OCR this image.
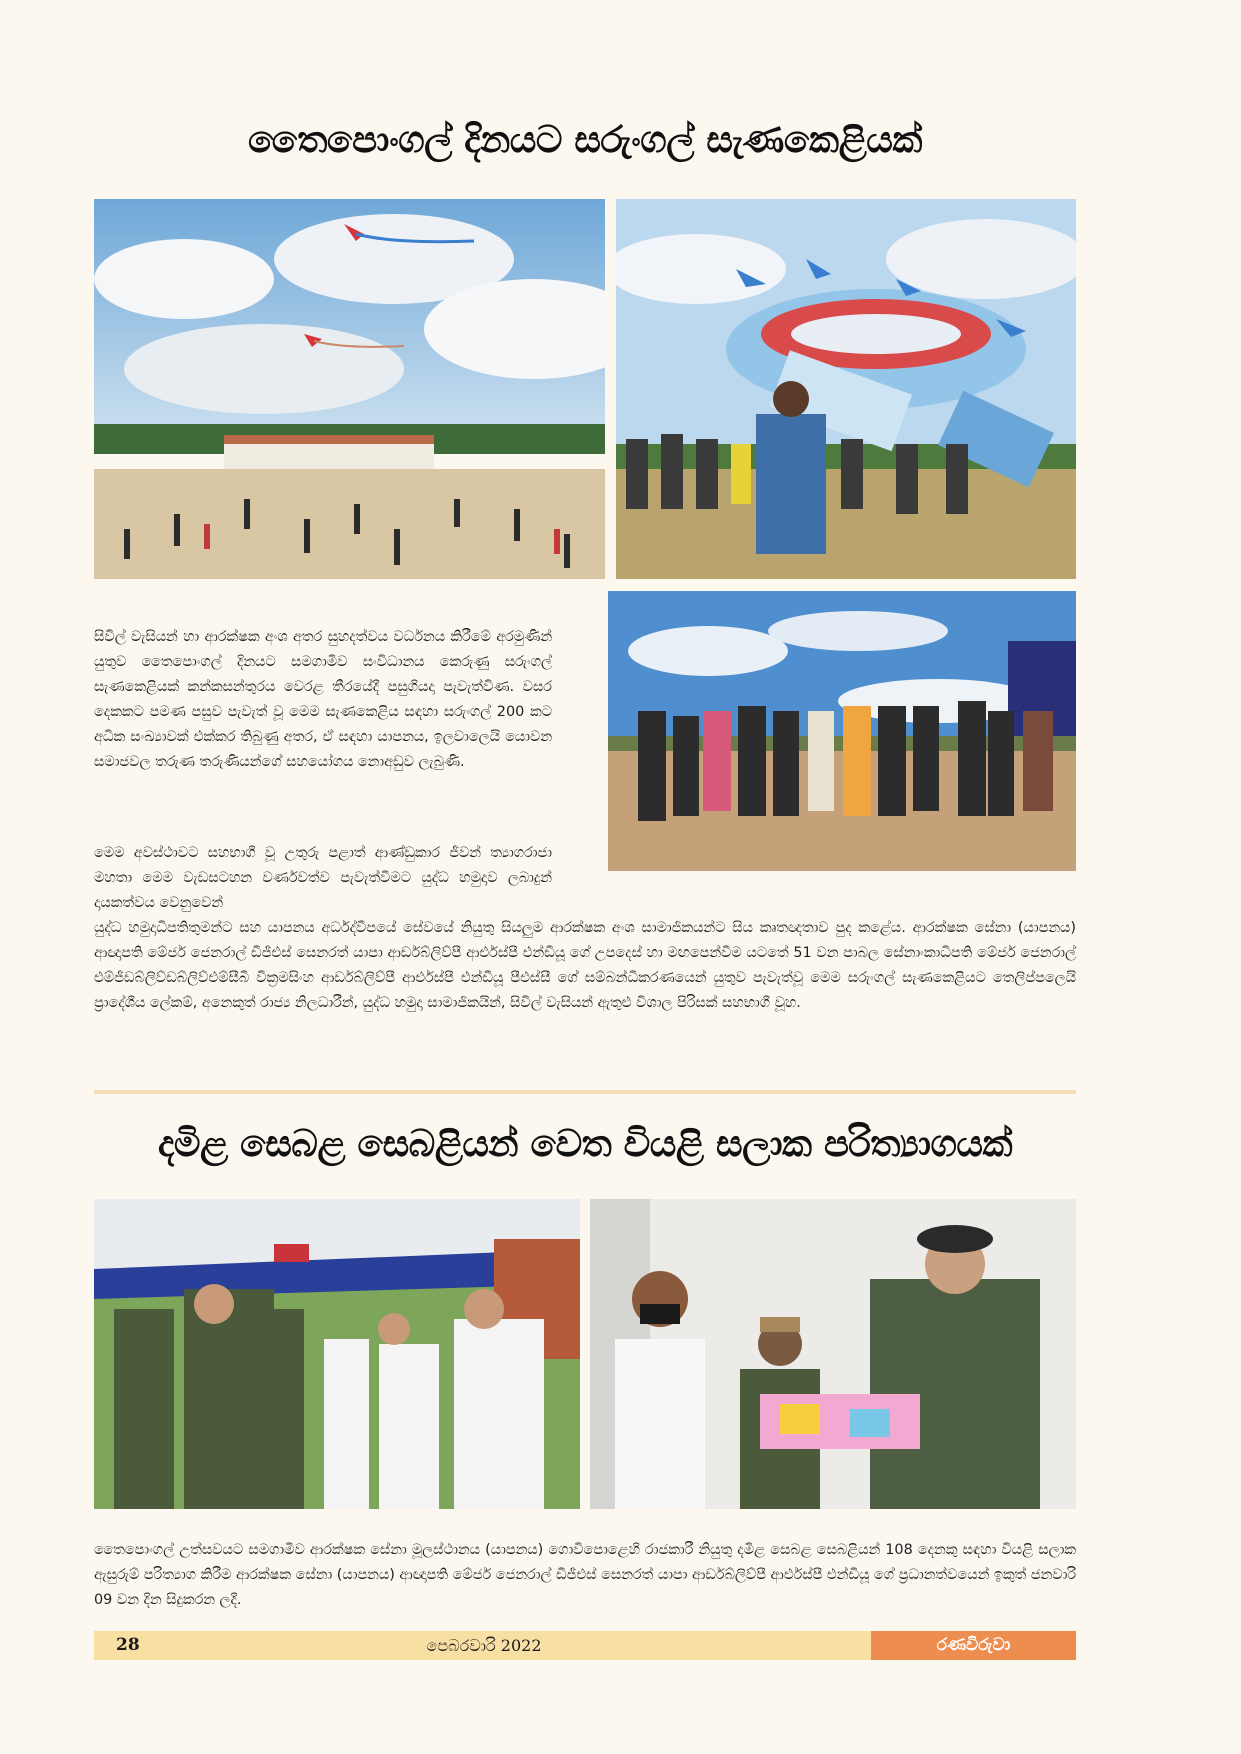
තෛපොංගල් දිනයට සරුංගල් සැණකෙළියක්
සිවිල් වැසියන් හා ආරක්ෂක අංශ අතර සුහදත්වය වර්ධනය කිරීමේ අරමුණින් යුතුව තෛපොංගල් දිනයට සමගාමීව සංවිධානය කෙරුණු සරුංගල් සැණකෙළියක් කන්කසන්තුරය වෙරළ තීරයේදී පසුගියදා පැවැත්විණ. වසර දෙකකට පමණ පසුව පැවැත් වූ මෙම සැණකෙළිය සඳහා සරුංගල් 200 කට අධික සංඛ්‍යාවක් එක්කර තිබුණු අතර, ඒ සඳහා යාපනය, ඉලවාලෙයි යොවන සමාජවල තරුණ තරුණියන්ගේ සහයෝගය නොඅඩුව ලැබුණි.
මෙම අවස්ථාවට සහභාගී වූ උතුරු පළාත් ආණ්ඩුකාර ජීවන් ත්‍යාගරාජා මහතා මෙම වැඩසටහන වර්ණවත්ව පැවැත්වීමට යුද්ධ හමුදාව ලබාදුන් දායකත්වය වෙනුවෙන්
යුද්ධ හමුදාධිපතිතුමන්ට සහ යාපනය අර්ධද්වීපයේ සේවයේ නියුතු සියලුම ආරක්ෂක අංශ සාමාජිකයන්ට සිය කෘතඥතාව පුද කළේය. ආරක්ෂක සේනා (යාපනය) ආඥාපති මේජර් ජෙනරාල් ඩීජීඑස් සෙනරත් යාපා ආර්ඩබ්ලිව්පී ආර්එස්පී එන්ඩීයූ ගේ උපදෙස් හා මඟපෙන්වීම යටතේ 51 වන පාබල සේනාංකාධිපති මේජර් ජෙනරාල් එම්ජීඩබ්ලිව්ඩබ්ලිව්එම්සීබී වික්‍රමසිංහ ආර්ඩබ්ලිව්පී ආර්එස්පී එන්ඩීයූ පීඑස්සී ගේ සම්බන්ධීකරණයෙන් යුතුව පැවැත්වූ මෙම සරුංගල් සැණකෙළියට තෙලිප්පලෙයි ප්‍රාදේශීය ලේකම්, අනෙකුත් රාජ්‍ය නිලධාරීන්, යුද්ධ හමුදා සාමාජිකයින්, සිවිල් වැසියන් ඇතුළු විශාල පිරිසක් සහභාගී වූහ.
දමිළ සෙබළ සෙබළියන් වෙත වියළි සලාක පරිත්‍යාගයක්
තෛපොංගල් උත්සවයට සමගාමීව ආරක්ෂක සේනා මූලස්ථානය (යාපනය) ගොවිපොළෙහි රාජකාරී නියුතු දමිළ සෙබළ සෙබළියන් 108 දෙනකු සඳහා වියළි සලාක ඇසුරුම් පරිත්‍යාග කිරීම ආරක්ෂක සේනා (යාපනය) ආඥාපති මේජර් ජෙනරාල් ඩීජීඑස් සෙනරත් යාපා ආර්ඩබ්ලිව්පී ආර්එස්පී එන්ඩීයූ ගේ ප්‍රධානත්වයෙන් ඉකුත් ජනවාරි 09 වන දින සිදුකරන ලදී.
28	පෙබරවාරි 2022	රණවිරුවා
